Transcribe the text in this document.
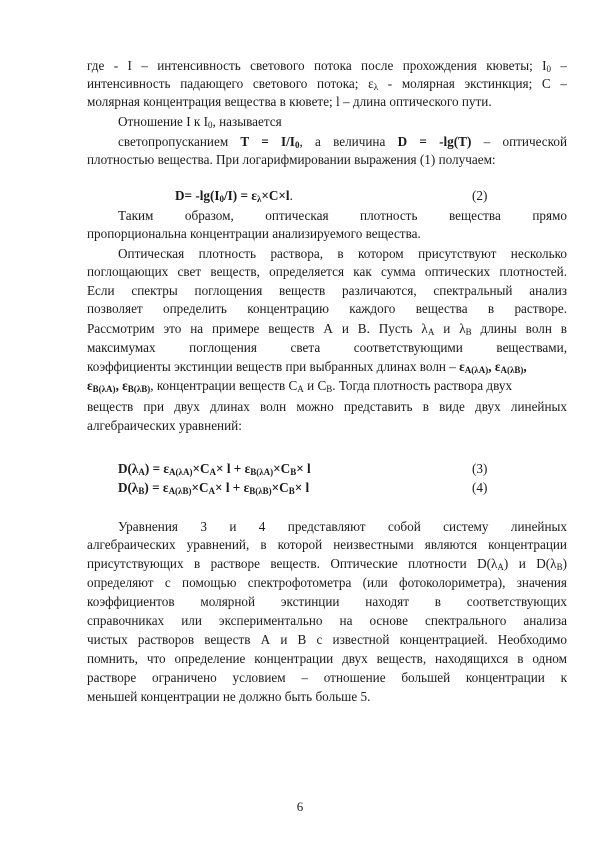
где - I – интенсивность светового потока после прохождения кюветы; $I_0$ –
интенсивность падающего светового потока; $\varepsilon_\lambda$ - молярная экстинкция; С –
молярная концентрация вещества в кювете; l – длина оптического пути.
Отношение I к $I_0$, называется
светопропусканием $T = I/I_0$, а величина D = -lg(T) – оптической
плотностью вещества. При логарифмировании выражения (1) получаем:
$D= -\lg(I_0/I) = \varepsilon_\lambda\times C\times l$.	(2)
Таким образом, оптическая плотность вещества прямо
пропорциональна концентрации анализируемого вещества.
Оптическая плотность раствора, в котором присутствуют несколько
поглощающих свет веществ, определяется как сумма оптических плотностей.
Если спектры поглощения веществ различаются, спектральный анализ
позволяет определить концентрацию каждого вещества в растворе.
Рассмотрим это на примере веществ А и В. Пусть $\lambda_A$ и $\lambda_B$ длины волн в
максимумах поглощения света соответствующими веществами,
коэффициенты экстинции веществ при выбранных длинах волн – $\varepsilon_{A(\lambda A)}$, $\varepsilon_{A(\lambda B)}$,
$\varepsilon_{B(\lambda A)}$, $\varepsilon_{B(\lambda B)}$, концентрации веществ $С_A$ и $С_B$. Тогда плотность раствора двух
веществ при двух длинах волн можно представить в виде двух линейных
алгебраических уравнений:
$D(\lambda_A) = \varepsilon_{A(\lambda A)}\times C_A\times l + \varepsilon_{B(\lambda A)}\times C_B\times l$	(3)
$D(\lambda_B) = \varepsilon_{A(\lambda B)}\times C_A\times l + \varepsilon_{B(\lambda B)}\times C_B\times l$	(4)
Уравнения 3 и 4 представляют собой систему линейных
алгебраических уравнений, в которой неизвестными являются концентрации
присутствующих в растворе веществ. Оптические плотности $D(\lambda_A)$ и $D(\lambda_B)$
определяют с помощью спектрофотометра (или фотоколориметра), значения
коэффициентов молярной экстинции находят в соответствующих
справочниках или экспериментально на основе спектрального анализа
чистых растворов веществ А и В с известной концентрацией. Необходимо
помнить, что определение концентрации двух веществ, находящихся в одном
растворе ограничено условием – отношение большей концентрации к
меньшей концентрации не должно быть больше 5.
6
